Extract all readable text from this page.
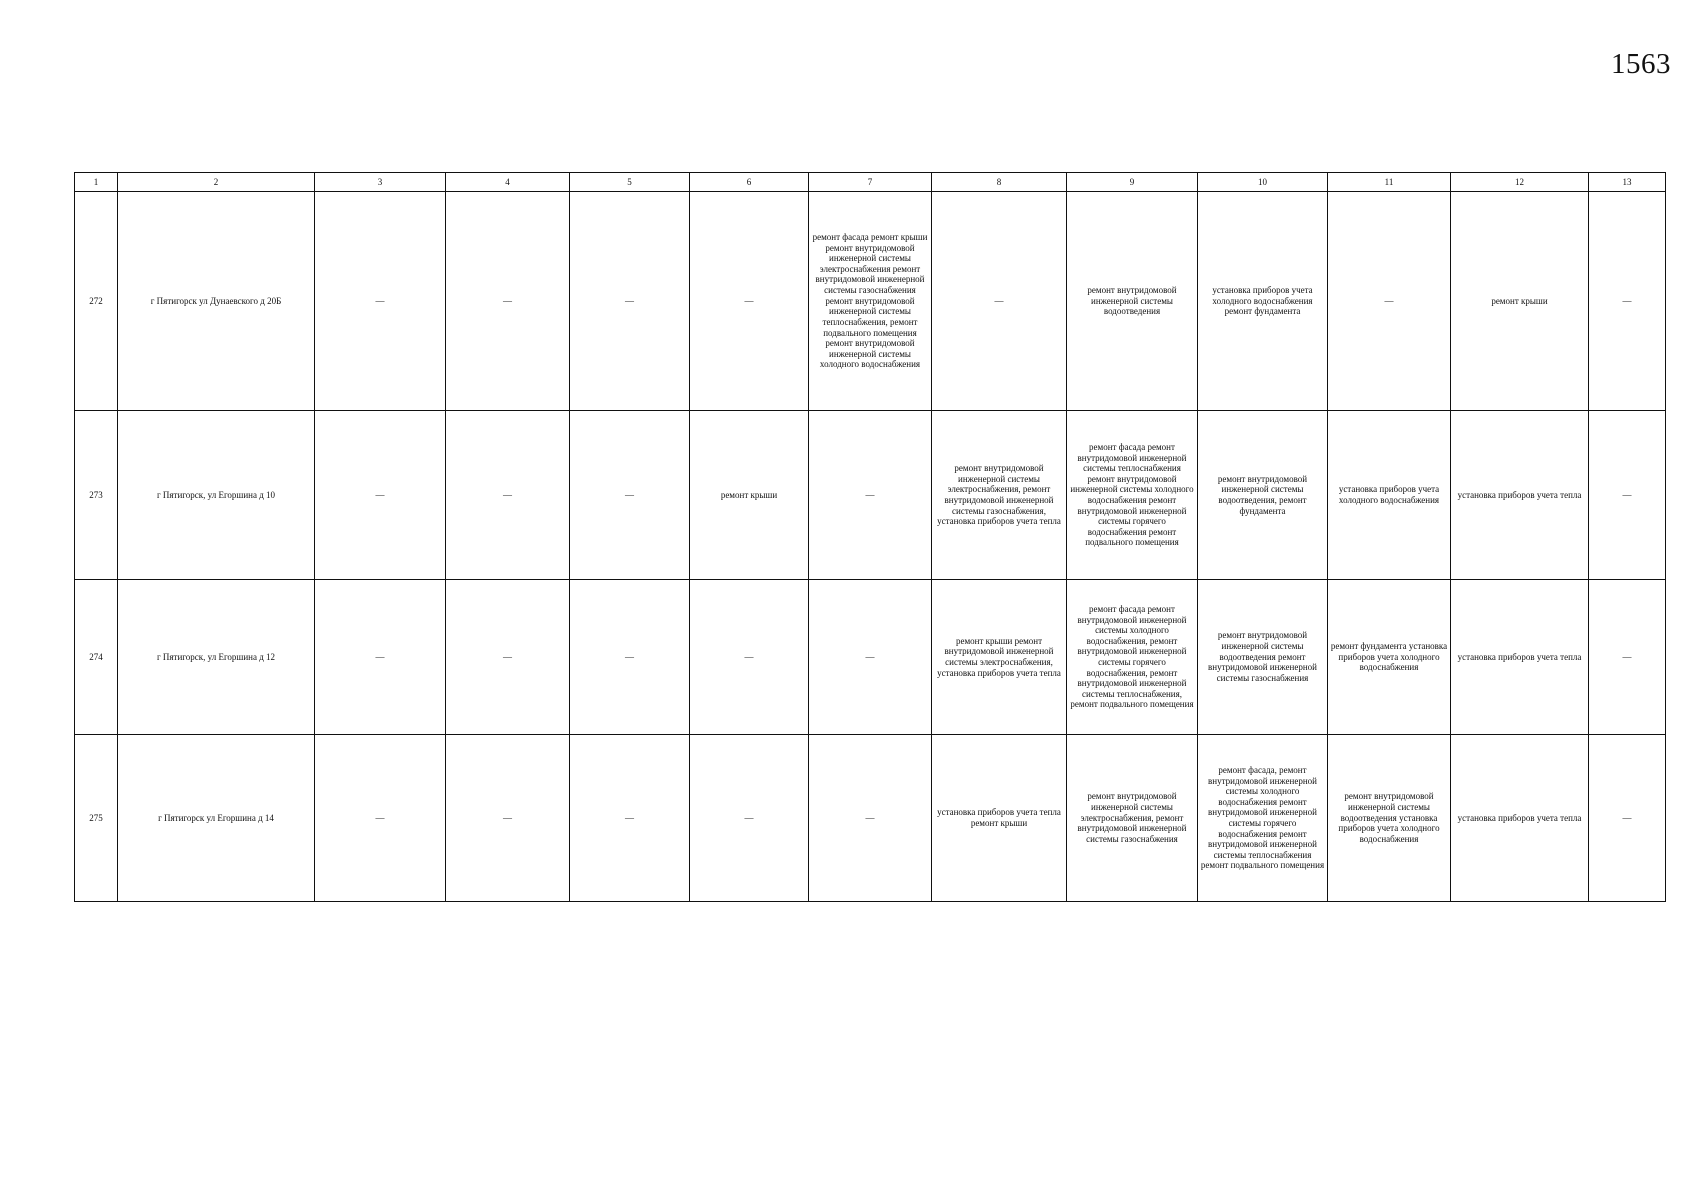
1563
1	2	3	4	5	6	7	8	9	10	11	12	13
272	г Пятигорск ул Дунаевского д 20Б	—	—	—	—	ремонт фасада ремонт крыши ремонт внутридомовой инженерной системы электроснабжения ремонт внутридомовой инженерной системы газоснабжения ремонт внутридомовой инженерной системы теплоснабжения, ремонт подвального помещения ремонт внутридомовой инженерной системы холодного водоснабжения	—	ремонт внутридомовой инженерной системы водоотведения	установка приборов учета холодного водоснабжения ремонт фундамента	—	ремонт крыши	—
273	г Пятигорск, ул Егоршина д 10	—	—	—	ремонт крыши	—	ремонт внутридомовой инженерной системы электроснабжения, ремонт внутридомовой инженерной системы газоснабжения, установка приборов учета тепла	ремонт фасада ремонт внутридомовой инженерной системы теплоснабжения ремонт внутридомовой инженерной системы холодного водоснабжения ремонт внутридомовой инженерной системы горячего водоснабжения ремонт подвального помещения	ремонт внутридомовой инженерной системы водоотведения, ремонт фундамента	установка приборов учета холодного водоснабжения	установка приборов учета тепла	—
274	г Пятигорск, ул Егоршина д 12	—	—	—	—	—	ремонт крыши ремонт внутридомовой инженерной системы электроснабжения, установка приборов учета тепла	ремонт фасада ремонт внутридомовой инженерной системы холодного водоснабжения, ремонт внутридомовой инженерной системы горячего водоснабжения, ремонт внутридомовой инженерной системы теплоснабжения, ремонт подвального помещения	ремонт внутридомовой инженерной системы водоотведения ремонт внутридомовой инженерной системы газоснабжения	ремонт фундамента установка приборов учета холодного водоснабжения	установка приборов учета тепла	—
275	г Пятигорск ул Егоршина д 14	—	—	—	—	—	установка приборов учета тепла ремонт крыши	ремонт внутридомовой инженерной системы электроснабжения, ремонт внутридомовой инженерной системы газоснабжения	ремонт фасада, ремонт внутридомовой инженерной системы холодного водоснабжения ремонт внутридомовой инженерной системы горячего водоснабжения ремонт внутридомовой инженерной системы теплоснабжения ремонт подвального помещения	ремонт внутридомовой инженерной системы водоотведения установка приборов учета холодного водоснабжения	установка приборов учета тепла	—
